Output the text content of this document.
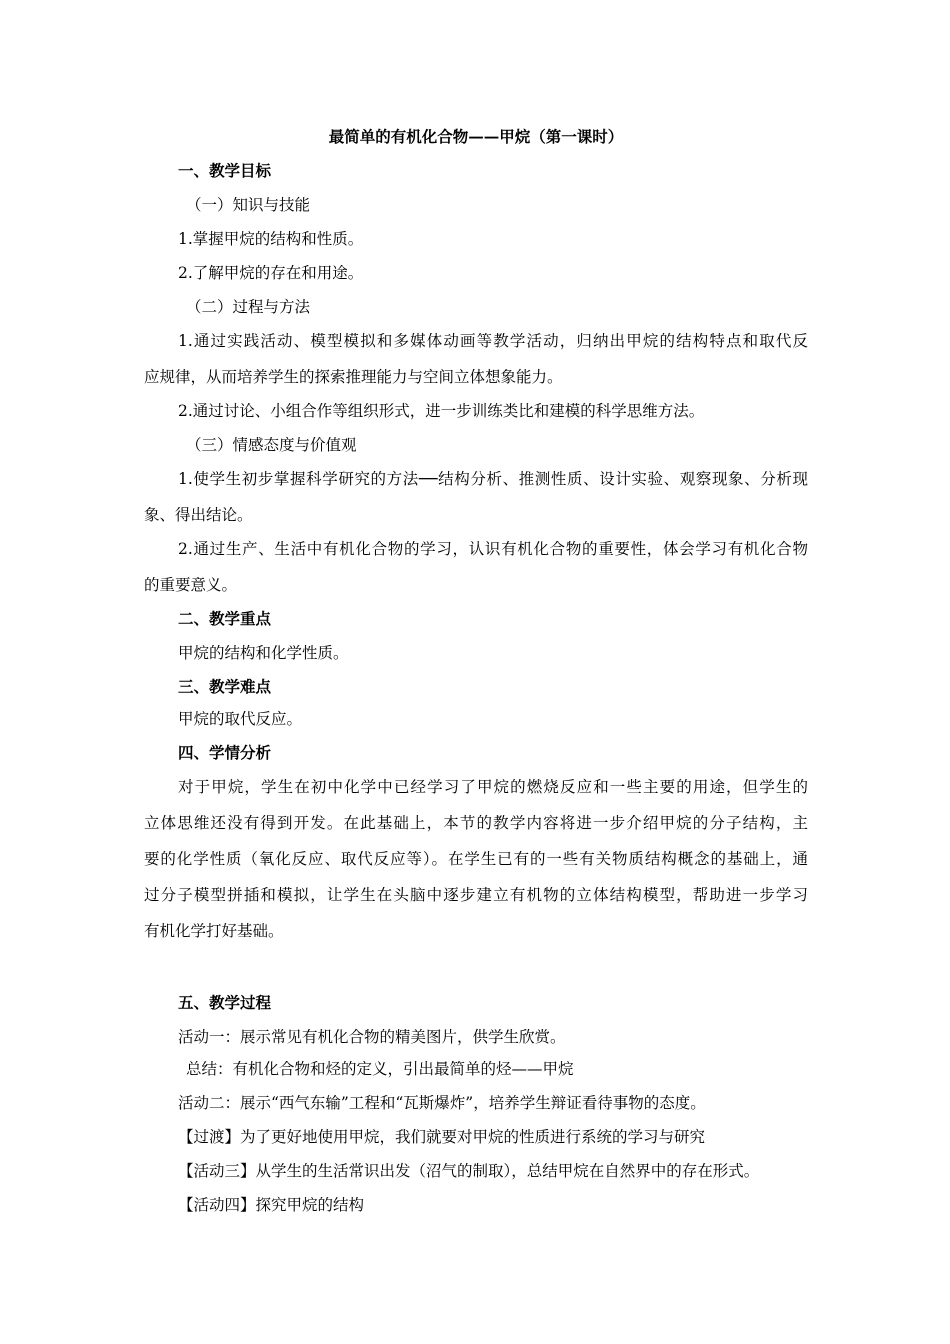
最简单的有机化合物——甲烷（第一课时）
一、教学目标
（一）知识与技能
1.掌握甲烷的结构和性质。
2.了解甲烷的存在和用途。
（二）过程与方法
1.通过实践活动、模型模拟和多媒体动画等教学活动，归纳出甲烷的结构特点和取代反
应规律，从而培养学生的探索推理能力与空间立体想象能力。
2.通过讨论、小组合作等组织形式，进一步训练类比和建模的科学思维方法。
（三）情感态度与价值观
1.使学生初步掌握科学研究的方法──结构分析、推测性质、设计实验、观察现象、分析现
象、得出结论。
2.通过生产、生活中有机化合物的学习，认识有机化合物的重要性，体会学习有机化合物
的重要意义。
二、教学重点
甲烷的结构和化学性质。
三、教学难点
甲烷的取代反应。
四、学情分析
对于甲烷，学生在初中化学中已经学习了甲烷的燃烧反应和一些主要的用途，但学生的
立体思维还没有得到开发。在此基础上，本节的教学内容将进一步介绍甲烷的分子结构，主
要的化学性质（氧化反应、取代反应等）。在学生已有的一些有关物质结构概念的基础上，通
过分子模型拼插和模拟，让学生在头脑中逐步建立有机物的立体结构模型，帮助进一步学习
有机化学打好基础。
五、教学过程
活动一：展示常见有机化合物的精美图片，供学生欣赏。
总结：有机化合物和烃的定义，引出最简单的烃——甲烷
活动二：展示“西气东输”工程和“瓦斯爆炸”，培养学生辩证看待事物的态度。
【过渡】为了更好地使用甲烷，我们就要对甲烷的性质进行系统的学习与研究
【活动三】从学生的生活常识出发（沼气的制取），总结甲烷在自然界中的存在形式。
【活动四】探究甲烷的结构
